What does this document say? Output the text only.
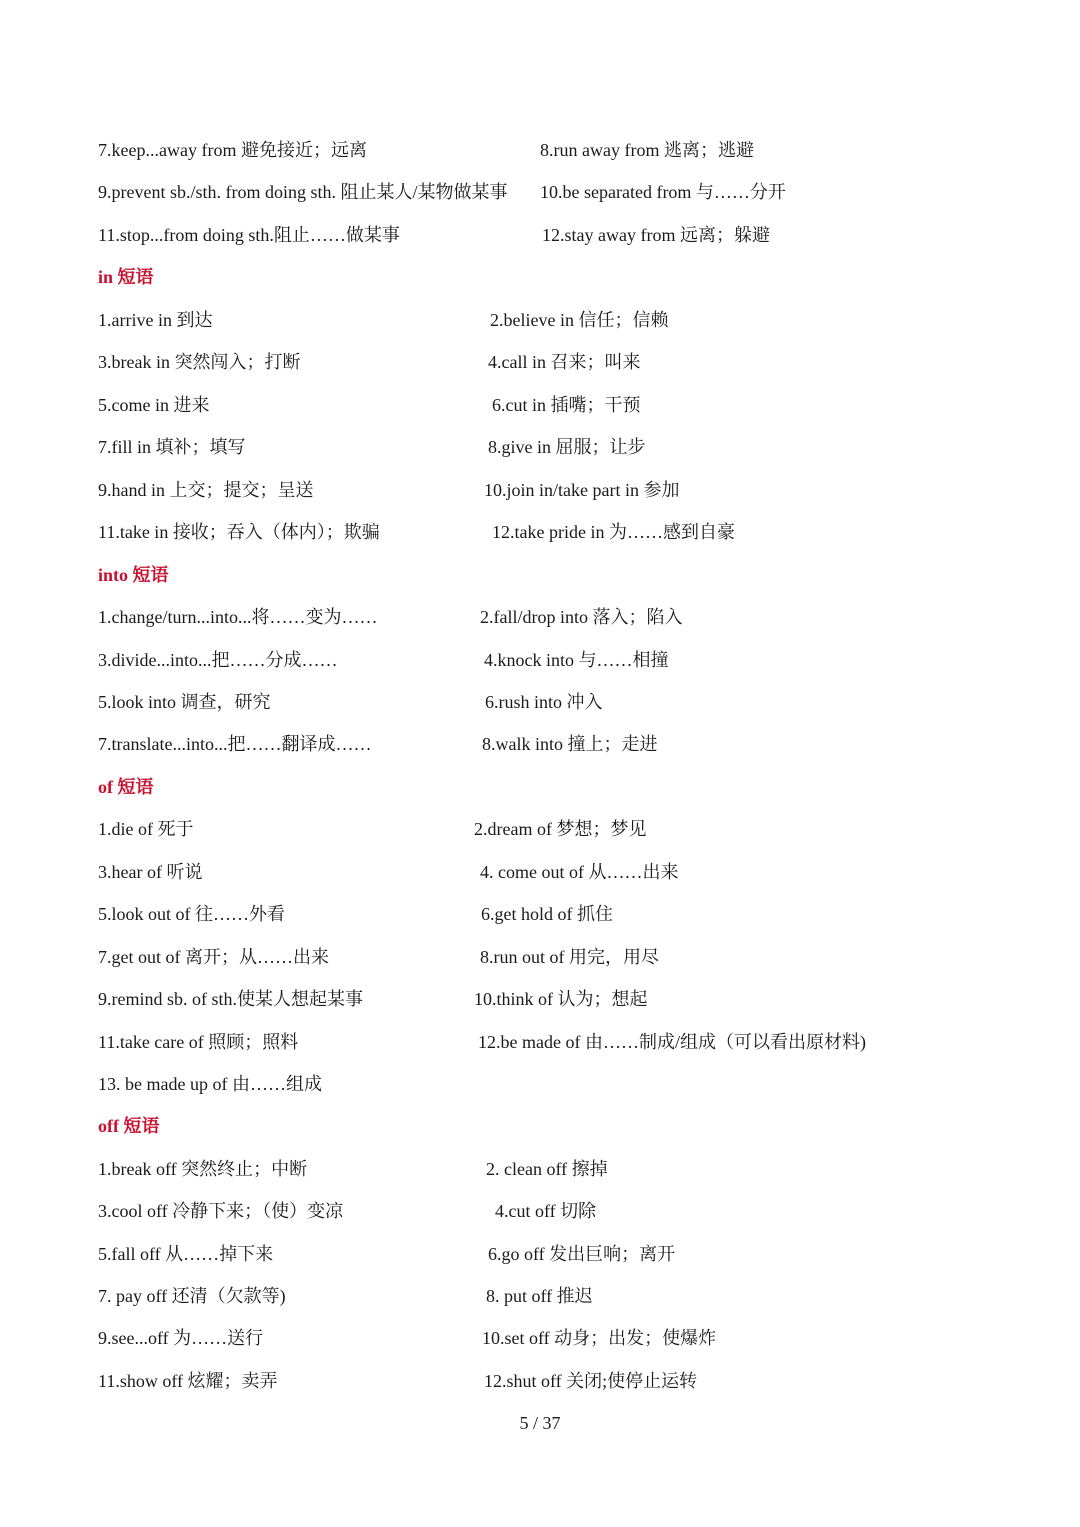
7.keep...away from 避免接近；远离	8.run away from 逃离；逃避
9.prevent sb./sth. from doing sth. 阻止某人/某物做某事 10.be separated from 与……分开
11.stop...from doing sth.阻止……做某事	12.stay away from 远离；躲避
in 短语
1.arrive in 到达	2.believe in 信任；信赖
3.break in 突然闯入；打断	4.call in 召来；叫来
5.come in 进来	6.cut in 插嘴；干预
7.fill in 填补；填写	8.give in 屈服；让步
9.hand in 上交；提交；呈送	10.join in/take part in 参加
11.take in 接收；吞入（体内）；欺骗	12.take pride in 为……感到自豪
into 短语
1.change/turn...into...将……变为……	2.fall/drop into 落入；陷入
3.divide...into...把……分成……	4.knock into 与……相撞
5.look into 调查，研究	6.rush into 冲入
7.translate...into...把……翻译成……	8.walk into 撞上；走进
of 短语
1.die of 死于	2.dream of 梦想；梦见
3.hear of 听说	4. come out of 从……出来
5.look out of 往……外看	6.get hold of 抓住
7.get out of 离开；从……出来	8.run out of 用完，用尽
9.remind sb. of sth.使某人想起某事	10.think of 认为；想起
11.take care of 照顾；照料	12.be made of 由……制成/组成（可以看出原材料)
13. be made up of 由……组成
off 短语
1.break off 突然终止；中断	2. clean off 擦掉
3.cool off 冷静下来；（使）变凉	4.cut off 切除
5.fall off 从……掉下来	6.go off 发出巨响；离开
7. pay off 还清（欠款等)	8. put off 推迟
9.see...off 为……送行	10.set off 动身；出发；使爆炸
11.show off 炫耀；卖弄	12.shut off 关闭;使停止运转
5 / 37
